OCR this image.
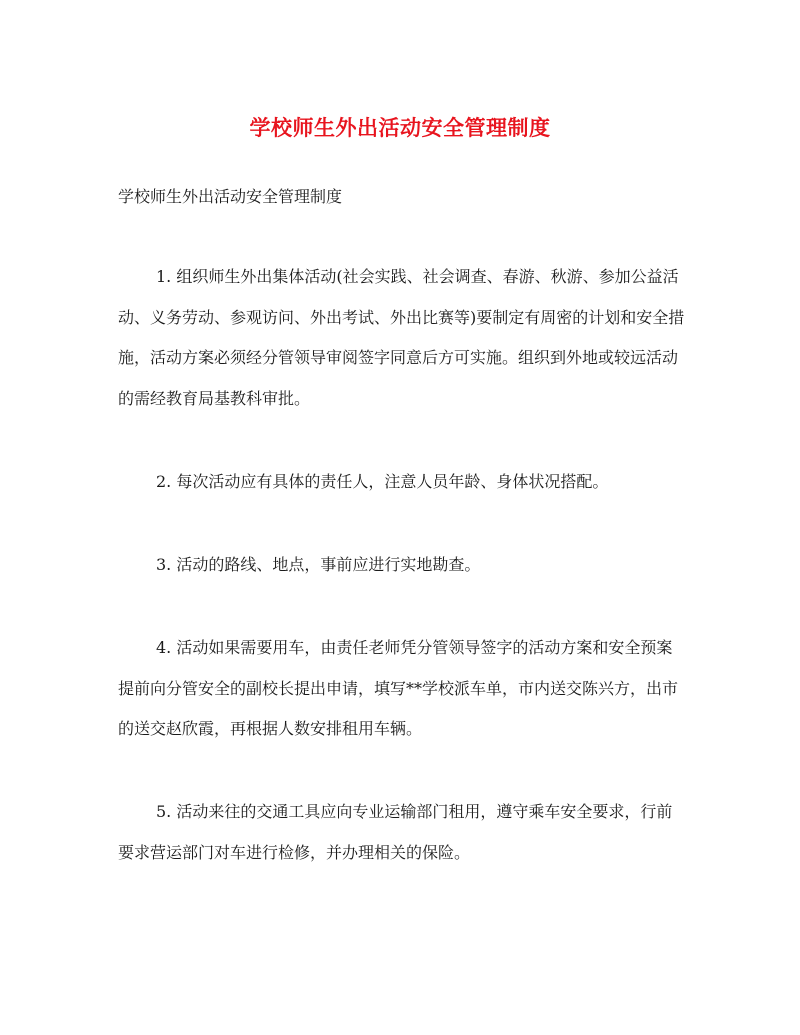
学校师生外出活动安全管理制度
学校师生外出活动安全管理制度

1. 组织师生外出集体活动(社会实践、社会调查、春游、秋游、参加公益活动、义务劳动、参观访问、外出考试、外出比赛等)要制定有周密的计划和安全措施，活动方案必须经分管领导审阅签字同意后方可实施。组织到外地或较远活动的需经教育局基教科审批。

2. 每次活动应有具体的责任人，注意人员年龄、身体状况搭配。

3. 活动的路线、地点，事前应进行实地勘查。

4. 活动如果需要用车，由责任老师凭分管领导签字的活动方案和安全预案提前向分管安全的副校长提出申请，填写**学校派车单，市内送交陈兴方，出市的送交赵欣霞，再根据人数安排租用车辆。

5. 活动来往的交通工具应向专业运输部门租用，遵守乘车安全要求，行前要求营运部门对车进行检修，并办理相关的保险。
